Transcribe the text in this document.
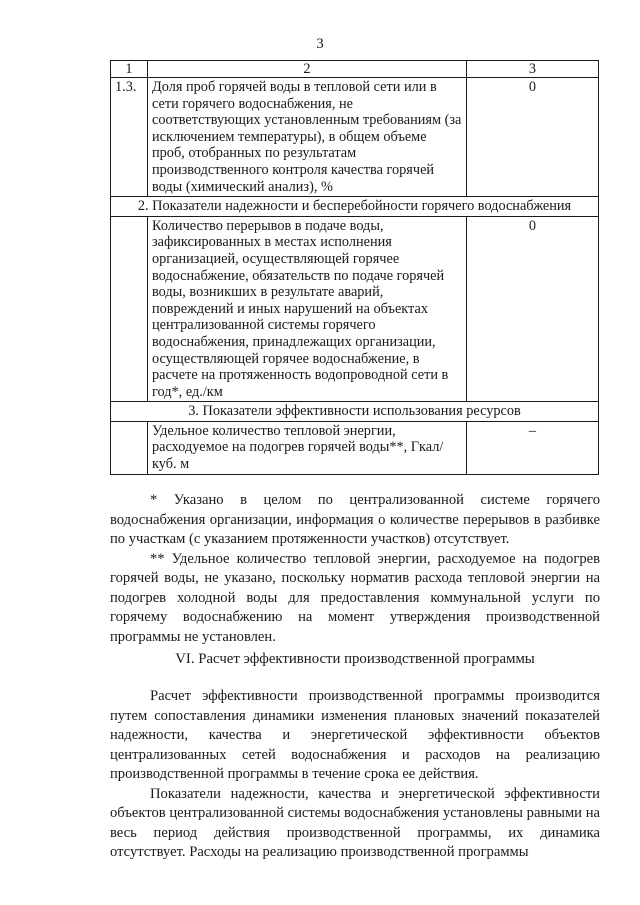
3
1	2	3
1.3.	Доля проб горячей воды в тепловой сети или в сети горячего водоснабжения, не соответствующих установленным требованиям (за исключением температуры), в общем объеме проб, отобранных по результатам производственного контроля качества горячей воды (химический анализ), %	0
2. Показатели надежности и бесперебойности горячего водоснабжения		
	Количество перерывов в подаче воды, зафиксированных в местах исполнения организацией, осуществляющей горячее водоснабжение, обязательств по подаче горячей воды, возникших в результате аварий, повреждений и иных нарушений на объектах централизованной системы горячего водоснабжения, принадлежащих организации, осуществляющей горячее водоснабжение, в расчете на протяженность водопроводной сети в год*, ед./км	0
3. Показатели эффективности использования ресурсов		
	Удельное количество тепловой энергии, расходуемое на подогрев горячей воды**, Гкал/куб. м	–

* Указано в целом по централизованной системе горячего водоснабжения организации, информация о количестве перерывов в разбивке по участкам (с указанием протяженности участков) отсутствует.

** Удельное количество тепловой энергии, расходуемое на подогрев горячей воды, не указано, поскольку норматив расхода тепловой энергии на подогрев холодной воды для предоставления коммунальной услуги по горячему водоснабжению на момент утверждения производственной программы не установлен.

VI. Расчет эффективности производственной программы

Расчет эффективности производственной программы производится путем сопоставления динамики изменения плановых значений показателей надежности, качества и энергетической эффективности объектов централизованных сетей водоснабжения и расходов на реализацию производственной программы в течение срока ее действия.

Показатели надежности, качества и энергетической эффективности объектов централизованной системы водоснабжения установлены равными на весь период действия производственной программы, их динамика отсутствует. Расходы на реализацию производственной программы
